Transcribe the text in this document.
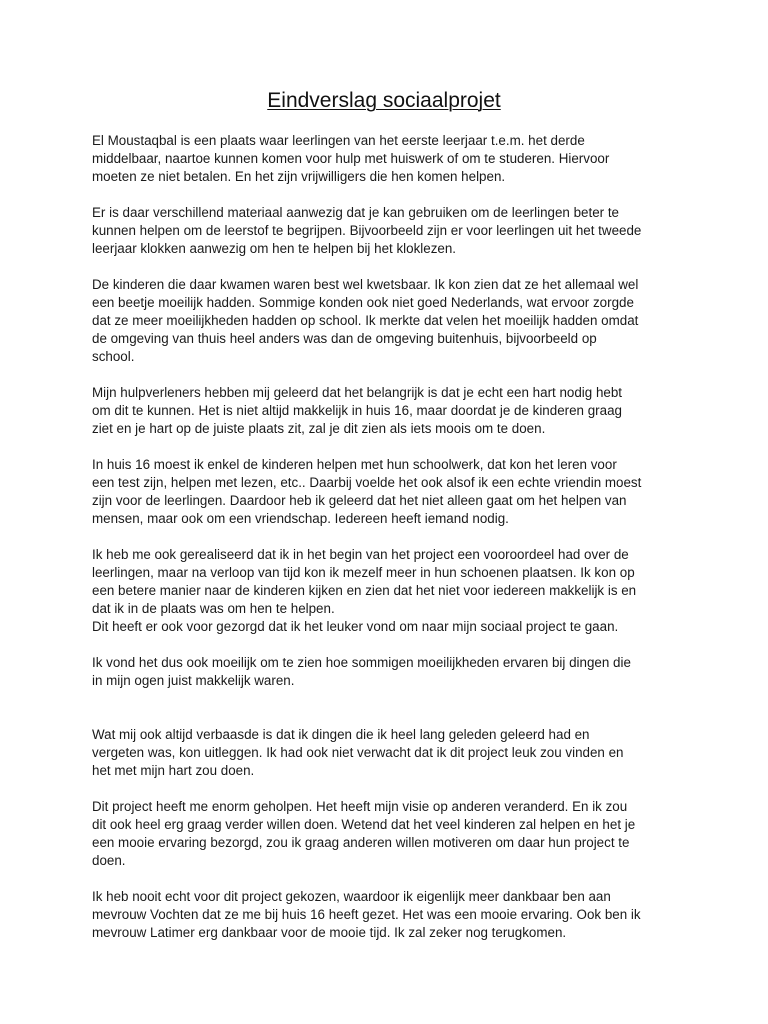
Eindverslag sociaalprojet

El Moustaqbal is een plaats waar leerlingen van het eerste leerjaar t.e.m. het derde
middelbaar, naartoe kunnen komen voor hulp met huiswerk of om te studeren. Hiervoor
moeten ze niet betalen. En het zijn vrijwilligers die hen komen helpen.

Er is daar verschillend materiaal aanwezig dat je kan gebruiken om de leerlingen beter te
kunnen helpen om de leerstof te begrijpen. Bijvoorbeeld zijn er voor leerlingen uit het tweede
leerjaar klokken aanwezig om hen te helpen bij het kloklezen.

De kinderen die daar kwamen waren best wel kwetsbaar. Ik kon zien dat ze het allemaal wel
een beetje moeilijk hadden. Sommige konden ook niet goed Nederlands, wat ervoor zorgde
dat ze meer moeilijkheden hadden op school. Ik merkte dat velen het moeilijk hadden omdat
de omgeving van thuis heel anders was dan de omgeving buitenhuis, bijvoorbeeld op
school.

Mijn hulpverleners hebben mij geleerd dat het belangrijk is dat je echt een hart nodig hebt
om dit te kunnen. Het is niet altijd makkelijk in huis 16, maar doordat je de kinderen graag
ziet en je hart op de juiste plaats zit, zal je dit zien als iets moois om te doen.

In huis 16 moest ik enkel de kinderen helpen met hun schoolwerk, dat kon het leren voor
een test zijn, helpen met lezen, etc.. Daarbij voelde het ook alsof ik een echte vriendin moest
zijn voor de leerlingen. Daardoor heb ik geleerd dat het niet alleen gaat om het helpen van
mensen, maar ook om een vriendschap. Iedereen heeft iemand nodig.

Ik heb me ook gerealiseerd dat ik in het begin van het project een vooroordeel had over de
leerlingen, maar na verloop van tijd kon ik mezelf meer in hun schoenen plaatsen. Ik kon op
een betere manier naar de kinderen kijken en zien dat het niet voor iedereen makkelijk is en
dat ik in de plaats was om hen te helpen.
Dit heeft er ook voor gezorgd dat ik het leuker vond om naar mijn sociaal project te gaan.

Ik vond het dus ook moeilijk om te zien hoe sommigen moeilijkheden ervaren bij dingen die
in mijn ogen juist makkelijk waren.

Wat mij ook altijd verbaasde is dat ik dingen die ik heel lang geleden geleerd had en
vergeten was, kon uitleggen. Ik had ook niet verwacht dat ik dit project leuk zou vinden en
het met mijn hart zou doen.

Dit project heeft me enorm geholpen. Het heeft mijn visie op anderen veranderd. En ik zou
dit ook heel erg graag verder willen doen. Wetend dat het veel kinderen zal helpen en het je
een mooie ervaring bezorgd, zou ik graag anderen willen motiveren om daar hun project te
doen.

Ik heb nooit echt voor dit project gekozen, waardoor ik eigenlijk meer dankbaar ben aan
mevrouw Vochten dat ze me bij huis 16 heeft gezet. Het was een mooie ervaring. Ook ben ik
mevrouw Latimer erg dankbaar voor de mooie tijd. Ik zal zeker nog terugkomen.
